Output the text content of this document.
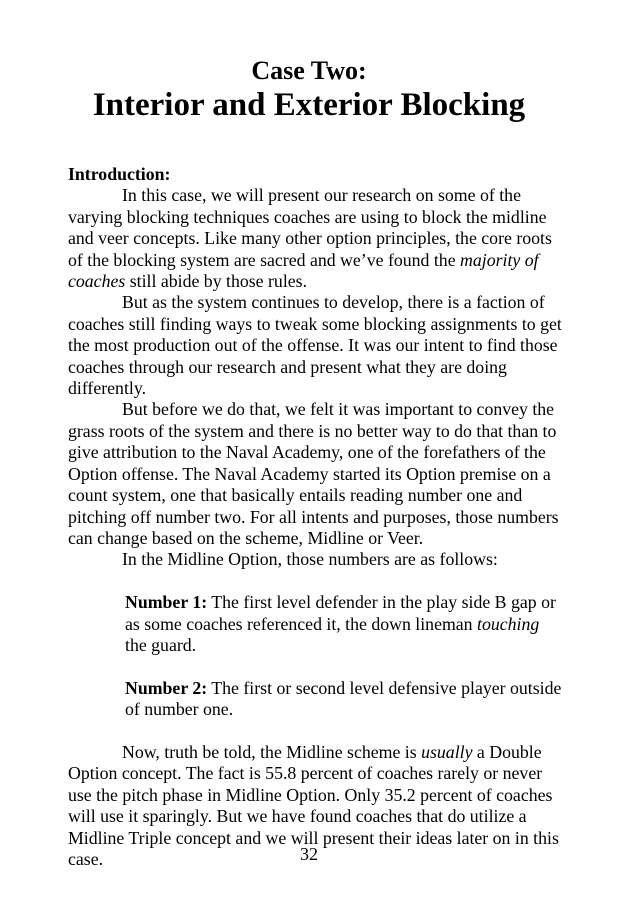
Case Two:
Interior and Exterior Blocking

Introduction:

In this case, we will present our research on some of the varying blocking techniques coaches are using to block the midline and veer concepts. Like many other option principles, the core roots of the blocking system are sacred and we’ve found the majority of coaches still abide by those rules.

But as the system continues to develop, there is a faction of coaches still finding ways to tweak some blocking assignments to get the most production out of the offense. It was our intent to find those coaches through our research and present what they are doing differently.

But before we do that, we felt it was important to convey the grass roots of the system and there is no better way to do that than to give attribution to the Naval Academy, one of the forefathers of the Option offense. The Naval Academy started its Option premise on a count system, one that basically entails reading number one and pitching off number two. For all intents and purposes, those numbers can change based on the scheme, Midline or Veer.

In the Midline Option, those numbers are as follows:

Number 1: The first level defender in the play side B gap or as some coaches referenced it, the down lineman touching the guard.

Number 2: The first or second level defensive player outside of number one.

Now, truth be told, the Midline scheme is usually a Double Option concept. The fact is 55.8 percent of coaches rarely or never use the pitch phase in Midline Option. Only 35.2 percent of coaches will use it sparingly. But we have found coaches that do utilize a Midline Triple concept and we will present their ideas later on in this case.	32
